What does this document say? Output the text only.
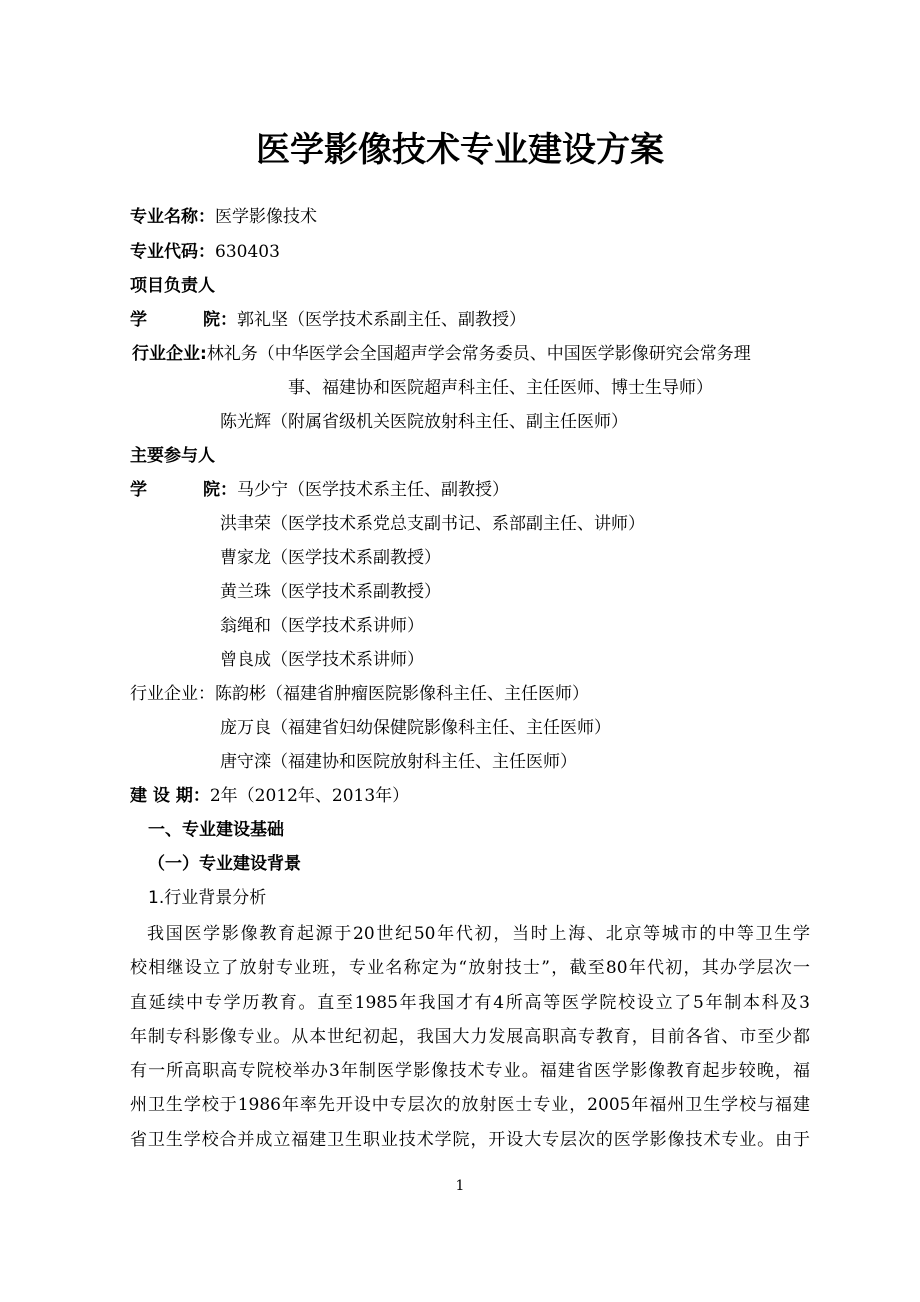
医学影像技术专业建设方案
专业名称：医学影像技术
专业代码：630403
项目负责人
学	院：郭礼坚（医学技术系副主任、副教授）
行业企业:林礼务（中华医学会全国超声学会常务委员、中国医学影像研究会常务理
事、福建协和医院超声科主任、主任医师、博士生导师）
陈光辉（附属省级机关医院放射科主任、副主任医师）
主要参与人
学	院：马少宁（医学技术系主任、副教授）
洪聿荣（医学技术系党总支副书记、系部副主任、讲师）
曹家龙（医学技术系副教授）
黄兰珠（医学技术系副教授）
翁绳和（医学技术系讲师）
曾良成（医学技术系讲师）
行业企业：陈韵彬（福建省肿瘤医院影像科主任、主任医师）
庞万良（福建省妇幼保健院影像科主任、主任医师）
唐守滦（福建协和医院放射科主任、主任医师）
建 设 期：2年（2012年、2013年）
一、专业建设基础
（一）专业建设背景
1.行业背景分析
我国医学影像教育起源于20世纪50年代初，当时上海、北京等城市的中等卫生学
校相继设立了放射专业班，专业名称定为“放射技士”，截至80年代初，其办学层次一
直延续中专学历教育。直至1985年我国才有4所高等医学院校设立了5年制本科及3
年制专科影像专业。从本世纪初起，我国大力发展高职高专教育，目前各省、市至少都
有一所高职高专院校举办3年制医学影像技术专业。福建省医学影像教育起步较晚，福
州卫生学校于1986年率先开设中专层次的放射医士专业，2005年福州卫生学校与福建
省卫生学校合并成立福建卫生职业技术学院，开设大专层次的医学影像技术专业。由于
1
